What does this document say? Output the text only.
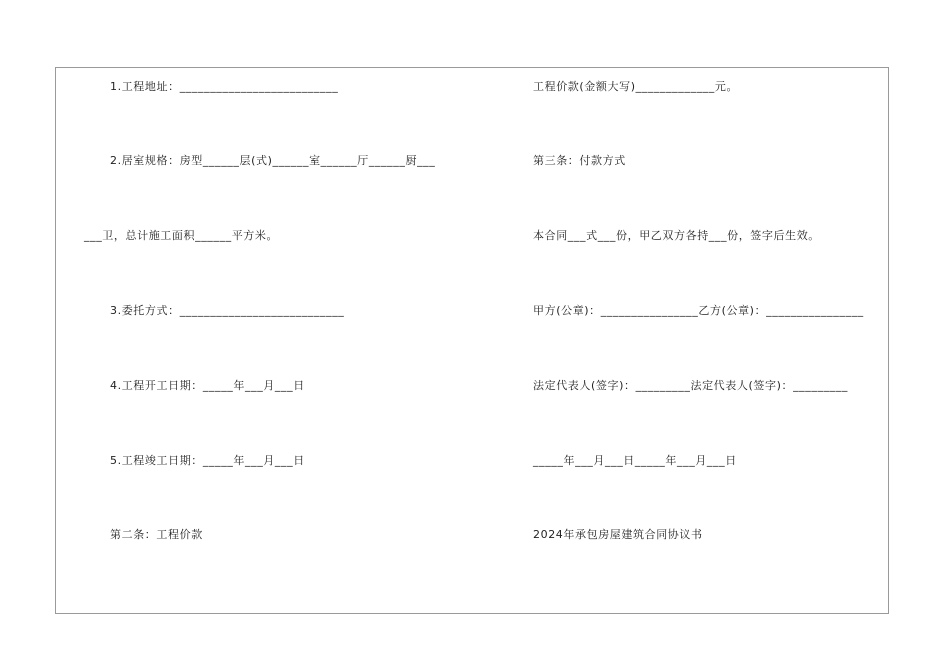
1.工程地址：__________________________
2.居室规格：房型______层(式)______室______厅______厨___
___卫，总计施工面积______平方米。
3.委托方式：___________________________
4.工程开工日期：_____年___月___日
5.工程竣工日期：_____年___月___日
第二条：工程价款
工程价款(金额大写)_____________元。
第三条：付款方式
本合同___式___份，甲乙双方各持___份，签字后生效。
甲方(公章)：________________乙方(公章)：________________
法定代表人(签字)：_________法定代表人(签字)：_________
_____年___月___日_____年___月___日
2024年承包房屋建筑合同协议书
